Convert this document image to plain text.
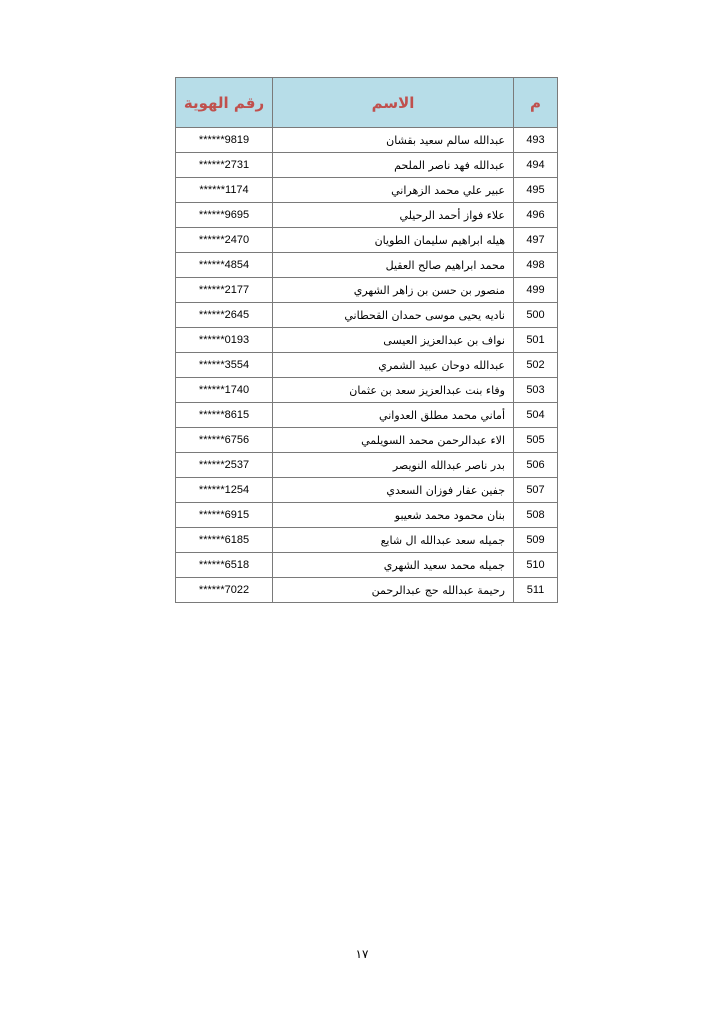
م	الاسم	رقم الهوية
493	عبدالله سالم سعيد بقشان	******9819
494	عبدالله فهد ناصر الملحم	******2731
495	عبير علي محمد الزهراني	******1174
496	علاء فواز أحمد الرحيلي	******9695
497	هيله ابراهيم سليمان الطويان	******2470
498	محمد ابراهيم صالح العقيل	******4854
499	منصور بن حسن بن زاهر الشهري	******2177
500	ناديه يحيى موسى حمدان القحطاني	******2645
501	نواف بن عبدالعزيز العيسى	******0193
502	عبدالله دوحان عبيد الشمري	******3554
503	وفاء بنت عبدالعزيز سعد بن عثمان	******1740
504	أماني محمد مطلق العدواني	******8615
505	الاء عبدالرحمن محمد السويلمي	******6756
506	بدر ناصر عبدالله النويصر	******2537
507	جفين عفار فوزان السعدي	******1254
508	بنان محمود محمد شعيبو	******6915
509	جميله سعد عبدالله ال شايع	******6185
510	جميله محمد سعيد الشهري	******6518
511	رحيمة عبدالله حج عبدالرحمن	******7022
١٧
